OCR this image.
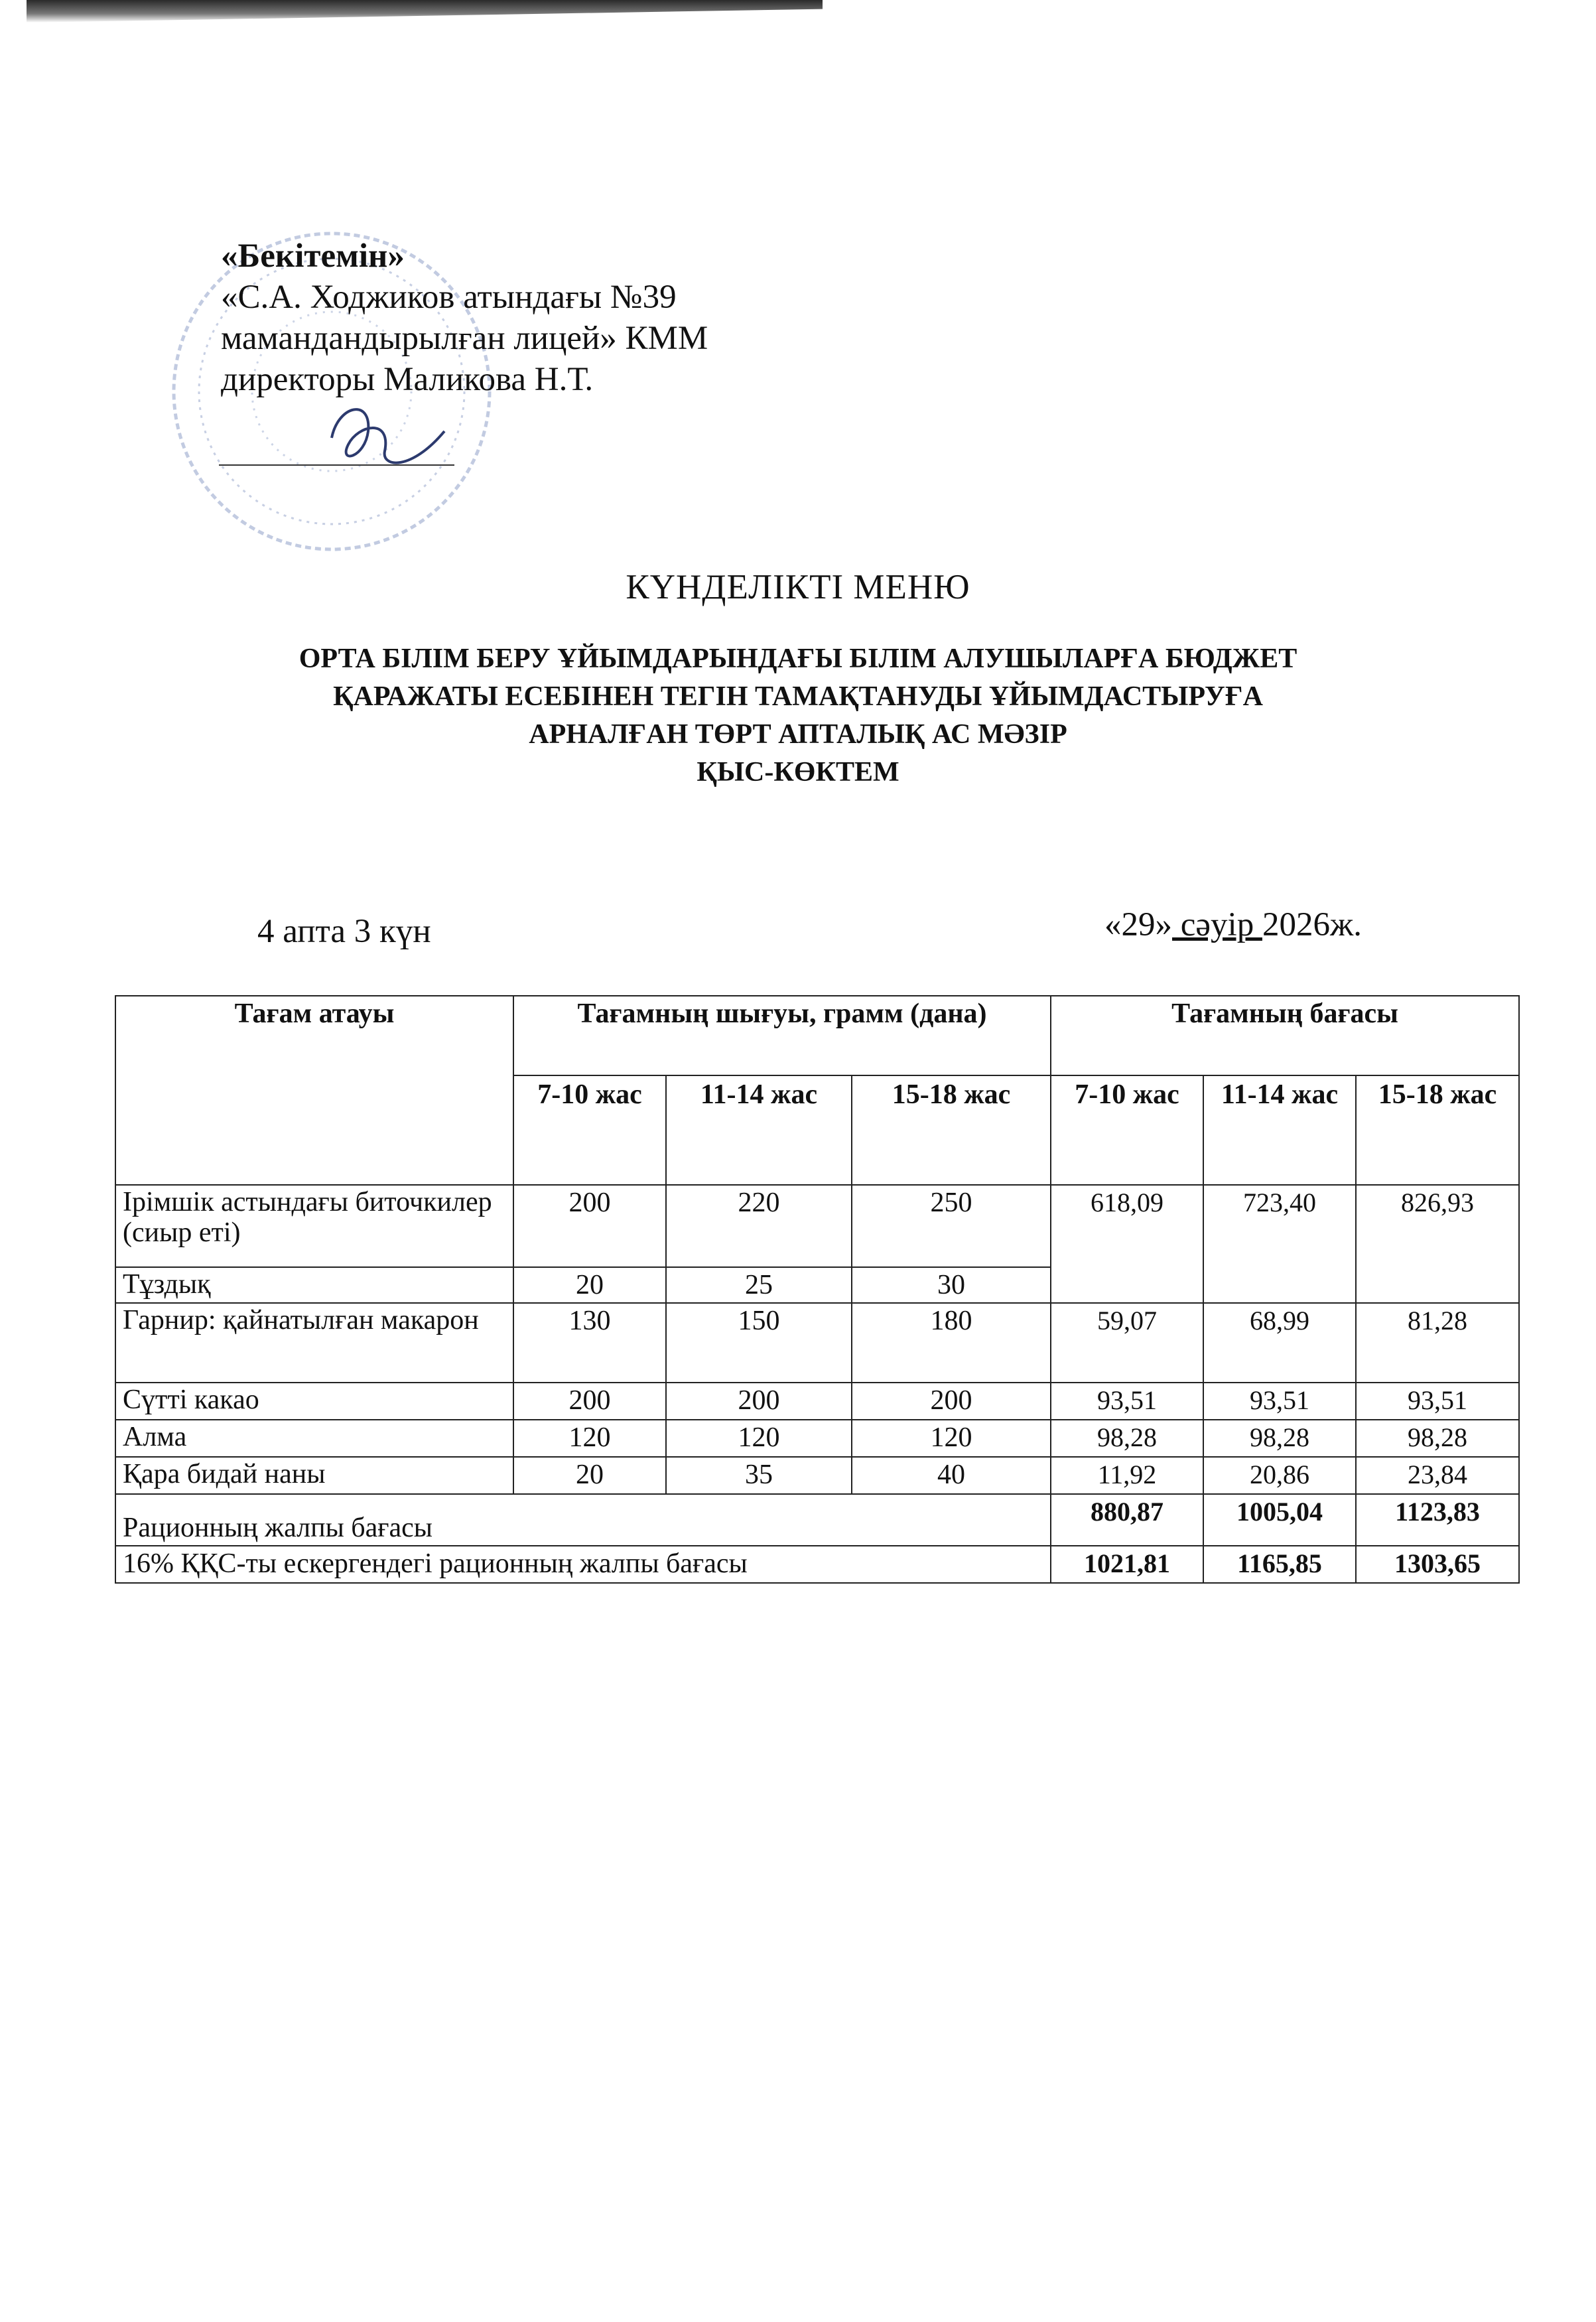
«Бекітемін»
«С.А. Ходжиков атындағы №39
мамандандырылған лицей» КММ
директоры Маликова Н.Т.
КҮНДЕЛІКТІ МЕНЮ
ОРТА БІЛІМ БЕРУ ҰЙЫМДАРЫНДАҒЫ БІЛІМ АЛУШЫЛАРҒА БЮДЖЕТ
ҚАРАЖАТЫ ЕСЕБІНЕН ТЕГІН ТАМАҚТАНУДЫ ҰЙЫМДАСТЫРУҒА
АРНАЛҒАН ТӨРТ АПТАЛЫҚ АС МӘЗІР
ҚЫС-КӨКТЕМ
4 апта 3 күн	«29» сәуір 2026ж.
Тағам атауы	Тағамның шығуы, грамм (дана)			Тағамның бағасы		
	7-10 жас	11-14 жас	15-18 жас	7-10 жас	11-14 жас	15-18 жас
Ірімшік астындағы биточкилер (сиыр еті)	200	220	250	618,09	723,40	826,93
Тұздық	20	25	30			
Гарнир: қайнатылған макарон	130	150	180	59,07	68,99	81,28
Сүтті какао	200	200	200	93,51	93,51	93,51
Алма	120	120	120	98,28	98,28	98,28
Қара бидай наны	20	35	40	11,92	20,86	23,84
Рационның жалпы бағасы				880,87	1005,04	1123,83
16% ҚҚС-ты ескергендегі рационның жалпы бағасы				1021,81	1165,85	1303,65
